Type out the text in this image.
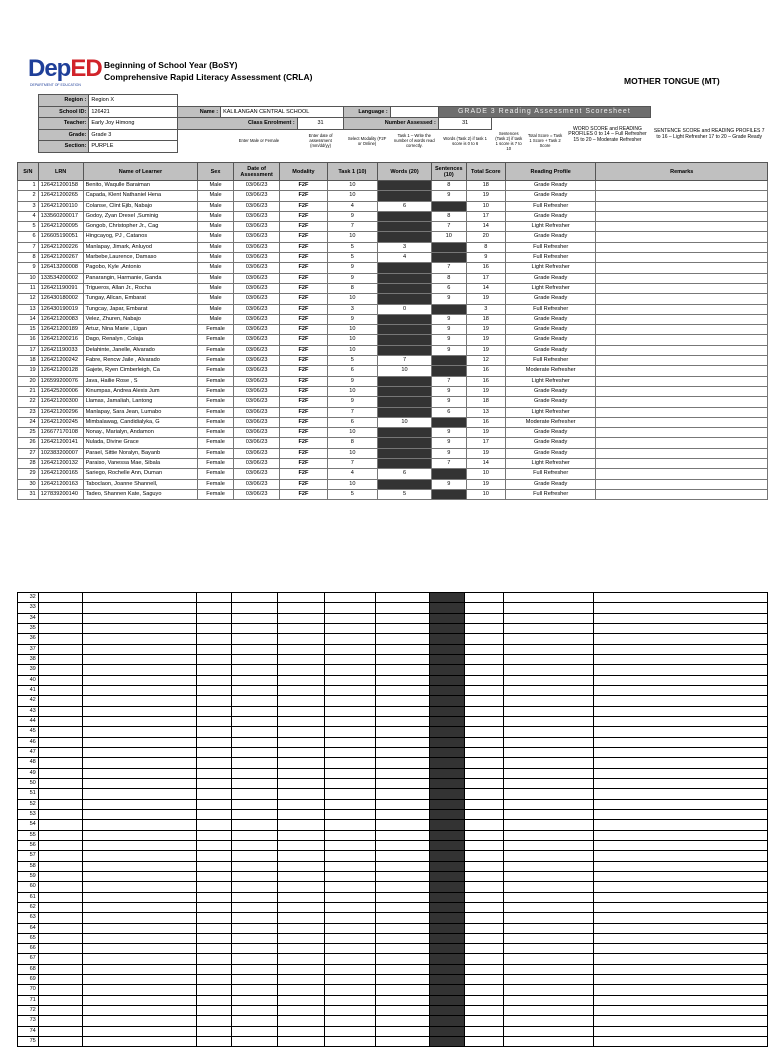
DepED
DEPARTMENT OF EDUCATION
Beginning of School Year (BoSY)
Comprehensive Rapid Literacy Assessment (CRLA)	MOTHER TONGUE (MT)
Region :	Region X										
School ID:	126421	Name :	KALILANGAN CENTRAL SCHOOL		Language :		GRADE 3 Reading Assessment Scoresheet				
Teacher:	Early Joy Himong	Class Enrolment :		31	Number Assessed :		31			WORD SCORE and READING PROFILES 0 to 14 – Full Refresher 15 to 20 – Moderate Refresher	SENTENCE SCORE and READING PROFILES 7 to 16 – Light Refresher 17 to 20 – Grade Ready
Grade:	Grade 3		Enter Male or Female	Enter date of assessment (mm/dd/yy)	Select Modality (F2F or Online)	Task 1 – Write the number of words read correctly.	Words (Task 2) if task 1 score is 0 to 6	Sentences (Task 2) if task 1 score is 7 to 10	Total Score = Task 1 Score + Task 2 Score		
Section:	PURPLE										
S/N	LRN	Name of Learner	Sex	Date of Assessment	Modality	Task 1 (10)	Words (20)	Sentences (10)	Total Score	Reading Profile	Remarks
1	126421200158	Benito, Waqulle Baraiman	Male	03/06/23	F2F	10		8	18	Grade Ready	
2	126421200265	Capada, Klent Nathaniel Hena	Male	03/06/23	F2F	10		9	19	Grade Ready	
3	126421200110	Colanse, Clint Ejib, Nabajo	Male	03/06/23	F2F	4	6		10	Full Refresher	
4	133560200017	Godoy, Zyan Drexel ,Suminig	Male	03/06/23	F2F	9		8	17	Grade Ready	
5	126421200095	Gongob, Christopher Jr., Cag	Male	03/06/23	F2F	7		7	14	Light Refresher	
6	126605190051	Hingcayog, PJ , Catanos	Male	03/06/23	F2F	10		10	20	Grade Ready	
7	126421200226	Manlapay, Jimark, Anluyod	Male	03/06/23	F2F	5	3		8	Full Refresher	
8	126421200267	Marbebe,Laurence, Damaso	Male	03/06/23	F2F	5	4		9	Full Refresher	
9	126413200008	Pagobo, Kyle ,Antonio	Male	03/06/23	F2F	9		7	16	Light Refresher	
10	133534200002	Panarangin, Harmanie, Ganda	Male	03/06/23	F2F	9		8	17	Grade Ready	
11	126421190091	Trigueros, Allan Jr., Rocha	Male	03/06/23	F2F	8		6	14	Light Refresher	
12	126430180002	Tungay, Allcan, Embarat	Male	03/06/23	F2F	10		9	19	Grade Ready	
13	126430190019	Tungcay, Japar, Embarat	Male	03/06/23	F2F	3	0		3	Full Refresher	
14	126421200083	Velez, Zhuren, Nabajo	Male	03/06/23	F2F	9		9	18	Grade Ready	
15	126421200189	Artuz, Nina Marie , Ligan	Female	03/06/23	F2F	10		9	19	Grade Ready	
16	126421200216	Dago, Renalyn , Colaja	Female	03/06/23	F2F	10		9	19	Grade Ready	
17	126421190033	Delahinte, Janelle, Alvarado	Female	03/06/23	F2F	10		9	19	Grade Ready	
18	126421200242	Fabre, Rencw Jaile , Alvarado	Female	03/06/23	F2F	5	7		12	Full Refresher	
19	126421200128	Gajete, Ryen Cimberleigh, Ca	Female	03/06/23	F2F	6	10		16	Moderate Refresher	
20	126599200076	Java, Hailie Rose , S	Female	03/06/23	F2F	9		7	16	Light Refresher	
21	126425200006	Kinumpas, Andrea Alexis Jum	Female	03/06/23	F2F	10		9	19	Grade Ready	
22	126421200300	Llamas, Jamaliah, Lantong	Female	03/06/23	F2F	9		9	18	Grade Ready	
23	126421200296	Manlapay, Sara Jean, Lumabo	Female	03/06/23	F2F	7		6	13	Light Refresher	
24	126421200245	Mimbalawag, Candidialyka, G	Female	03/06/23	F2F	6	10		16	Moderate Refresher	
25	126677170108	Nonay., Marialyn, Andamon	Female	03/06/23	F2F	10		9	19	Grade Ready	
26	126421200141	Nulada, Divine Grace	Female	03/06/23	F2F	8		9	17	Grade Ready	
27	102383200007	Parael, Sittie Noralyn, Bayanb	Female	03/06/23	F2F	10		9	19	Grade Ready	
28	126421200132	Paraiso, Vanessa Mae, Sibala	Female	03/06/23	F2F	7		7	14	Light Refresher	
29	126421200165	Sariego, Rochelle Ann, Duman	Female	03/06/23	F2F	4	6		10	Full Refresher	
30	126421200163	Taboclaon, Joanne Shannell,	Female	03/06/23	F2F	10		9	19	Grade Ready	
31	127839200140	Tadeo, Shannen Kate, Saguyo	Female	03/06/23	F2F	5	5		10	Full Refresher	
32											
33											
34											
35											
36											
37											
38											
39											
40											
41											
42											
43											
44											
45											
46											
47											
48											
49											
50											
51											
52											
53											
54											
55											
56											
57											
58											
59											
60											
61											
62											
63											
64											
65											
66											
67											
68											
69											
70											
71											
72											
73											
74											
75											
